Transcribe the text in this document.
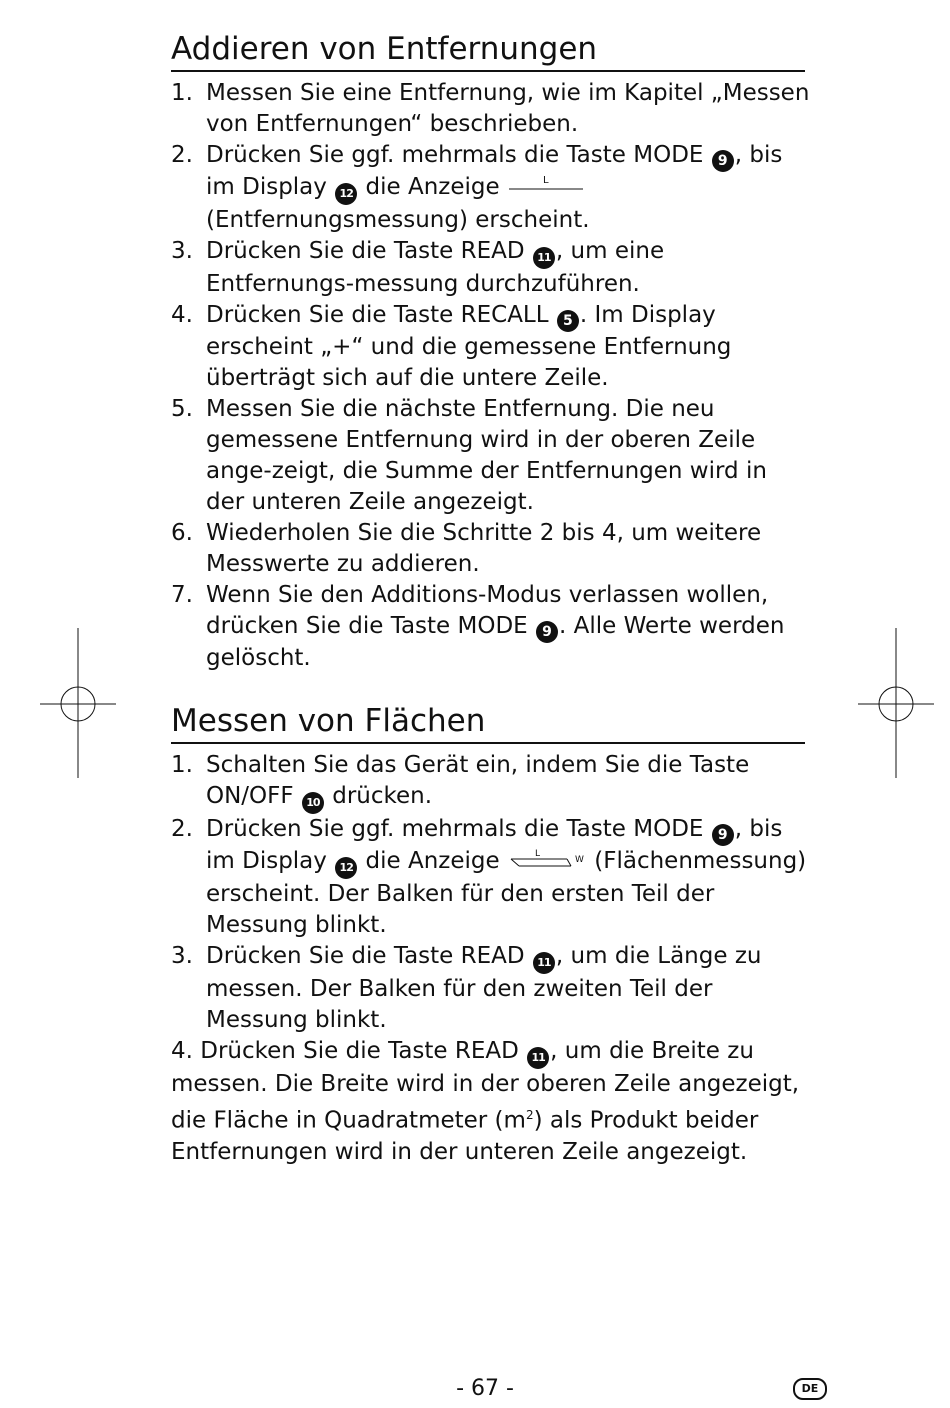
Addieren von Entfernungen
1. Messen Sie eine Entfernung, wie im Kapitel „Messen von Entfernungen“ beschrieben.
2. Drücken Sie ggf. mehrmals die Taste MODE 9 , bis im Display 12 die Anzeige	L
(Entfernungsmessung) erscheint.
3. Drücken Sie die Taste READ 11 , um eine Entfernungs-messung durchzuführen.
4. Drücken Sie die Taste RECALL 5 . Im Display erscheint „+“ und die gemessene Entfernung überträgt sich auf die untere Zeile.
5. Messen Sie die nächste Entfernung. Die neu gemessene Entfernung wird in der oberen Zeile ange-zeigt, die Summe der Entfernungen wird in der unteren Zeile angezeigt.
6. Wiederholen Sie die Schritte 2 bis 4, um weitere Messwerte zu addieren.
7. Wenn Sie den Additions-Modus verlassen wollen, drücken Sie die Taste MODE 9 . Alle Werte werden gelöscht.
Messen von Flächen
1. Schalten Sie das Gerät ein, indem Sie die Taste ON/OFF 10 drücken.
2. Drücken Sie ggf. mehrmals die Taste MODE 9 , bis im Display 12 die Anzeige	L
W (Flächenmessung) erscheint. Der Balken für den ersten Teil der Messung blinkt.
3. Drücken Sie die Taste READ 11 , um die Länge zu messen. Der Balken für den zweiten Teil der Messung blinkt.
4. Drücken Sie die Taste READ 11 , um die Breite zu messen. Die Breite wird in der oberen Zeile angezeigt, die Fläche in Quadratmeter $(m^2)$ als Produkt beider Entfernungen wird in der unteren Zeile angezeigt.
- 67 -	DE
